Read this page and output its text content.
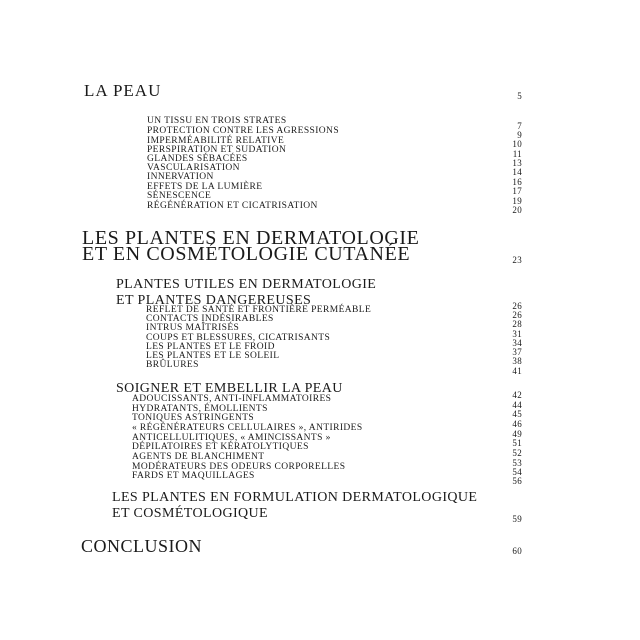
LA PEAU	5
UN TISSU EN TROIS STRATES	7
PROTECTION CONTRE LES AGRESSIONS	9
IMPERMÉABILITÉ RELATIVE	10
PERSPIRATION ET SUDATION	11
GLANDES SÉBACÉES	13
VASCULARISATION	14
INNERVATION	16
EFFETS DE LA LUMIÈRE	17
SÉNESCENCE	19
RÉGÉNÉRATION ET CICATRISATION	20
LES PLANTES EN DERMATOLOGIE
ET EN COSMÉTOLOGIE CUTANÉE	23
PLANTES UTILES EN DERMATOLOGIE
ET PLANTES DANGEREUSES
REFLET DE SANTÉ ET FRONTIÈRE PERMÉABLE	26
CONTACTS INDÉSIRABLES	26
INTRUS MAÎTRISÉS	28
COUPS ET BLESSURES, CICATRISANTS	31
LES PLANTES ET LE FROID	34
LES PLANTES ET LE SOLEIL	37
BRÛLURES	38
41
SOIGNER ET EMBELLIR LA PEAU
ADOUCISSANTS, ANTI-INFLAMMATOIRES	42
HYDRATANTS, ÉMOLLIENTS	44
TONIQUES ASTRINGENTS	45
« RÉGÉNÉRATEURS CELLULAIRES », ANTIRIDES	46
ANTICELLULITIQUES, « AMINCISSANTS »	49
DÉPILATOIRES ET KÉRATOLYTIQUES	51
AGENTS DE BLANCHIMENT	52
MODÉRATEURS DES ODEURS CORPORELLES	53
FARDS ET MAQUILLAGES	54
56
LES PLANTES EN FORMULATION DERMATOLOGIQUE
ET COSMÉTOLOGIQUE	59
CONCLUSION	60
